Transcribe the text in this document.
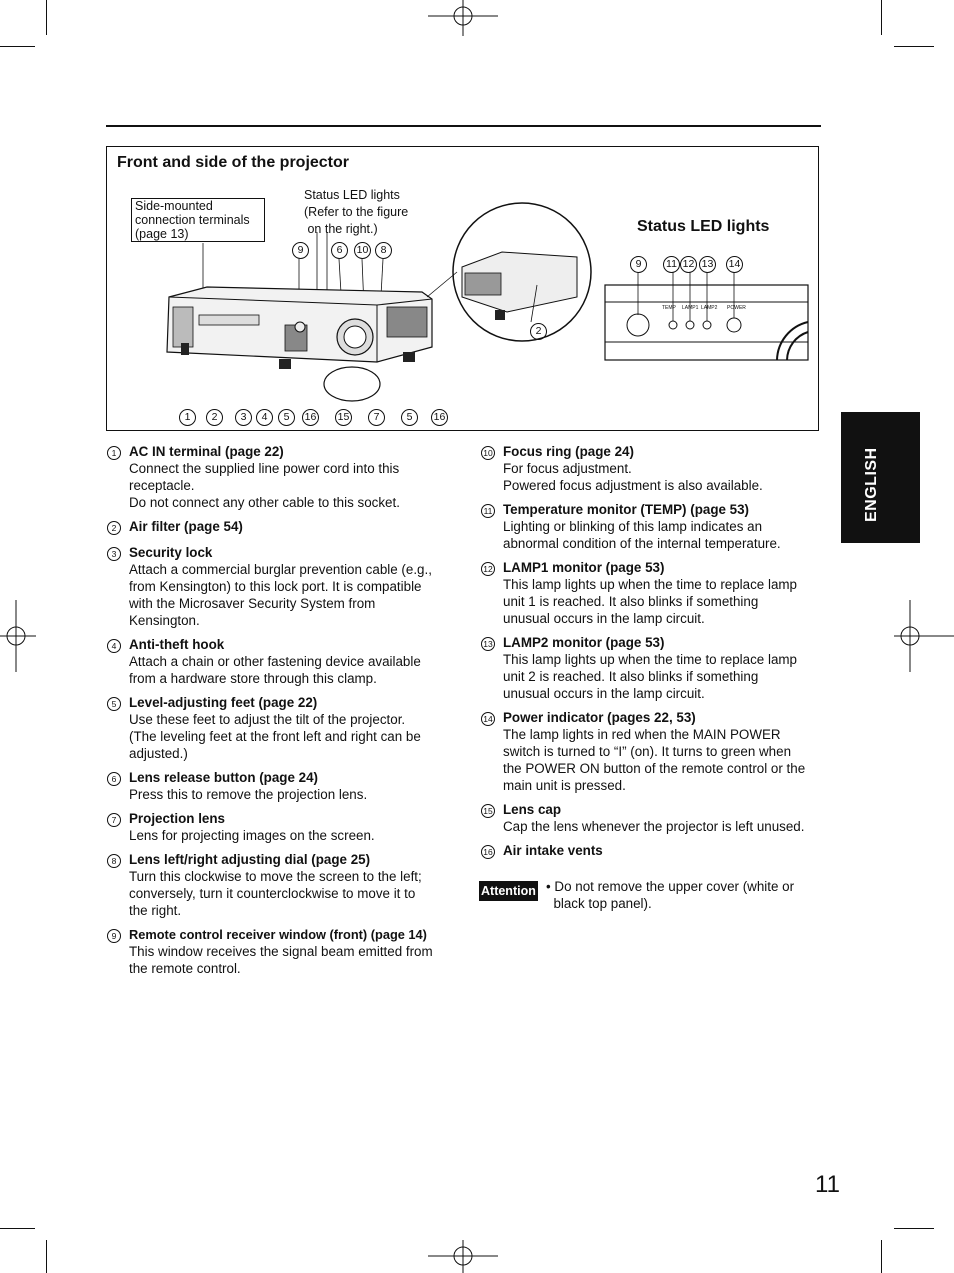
Front and side of the projector
Side-mounted
connection terminals
(page 13)
Status LED lights
(Refer to the figure
on the right.)	Status LED lights
TEMP LAMP1 LAMP2 POWER
9	6 10 8
1 2 3 4 5 16 15 7	5 16
2
9 11 12 13 14
1 AC IN terminal (page 22)
Connect the supplied line power cord into this
receptacle.
Do not connect any other cable to this socket.
2 Air filter (page 54)
3 Security lock
Attach a commercial burglar prevention cable (e.g.,
from Kensington) to this lock port. It is compatible
with the Microsaver Security System from
Kensington.
4 Anti-theft hook
Attach a chain or other fastening device available
from a hardware store through this clamp.
5 Level-adjusting feet (page 22)
Use these feet to adjust the tilt of the projector.
(The leveling feet at the front left and right can be
adjusted.)
6 Lens release button (page 24)
Press this to remove the projection lens.
7 Projection lens
Lens for projecting images on the screen.
8 Lens left/right adjusting dial (page 25)
Turn this clockwise to move the screen to the left;
conversely, turn it counterclockwise to move it to
the right.
9 Remote control receiver window (front) (page 14)
This window receives the signal beam emitted from
the remote control.
10 Focus ring (page 24)
For focus adjustment.
Powered focus adjustment is also available.
11 Temperature monitor (TEMP) (page 53)
Lighting or blinking of this lamp indicates an
abnormal condition of the internal temperature.
12 LAMP1 monitor (page 53)
This lamp lights up when the time to replace lamp
unit 1 is reached. It also blinks if something
unusual occurs in the lamp circuit.
13 LAMP2 monitor (page 53)
This lamp lights up when the time to replace lamp
unit 2 is reached. It also blinks if something
unusual occurs in the lamp circuit.
14 Power indicator (pages 22, 53)
The lamp lights in red when the MAIN POWER
switch is turned to “I” (on). It turns to green when
the POWER ON button of the remote control or the
main unit is pressed.
15 Lens cap
Cap the lens whenever the projector is left unused.
16 Air intake vents
Attention • Do not remove the upper cover (white or
black top panel).
ENGLISH
11
